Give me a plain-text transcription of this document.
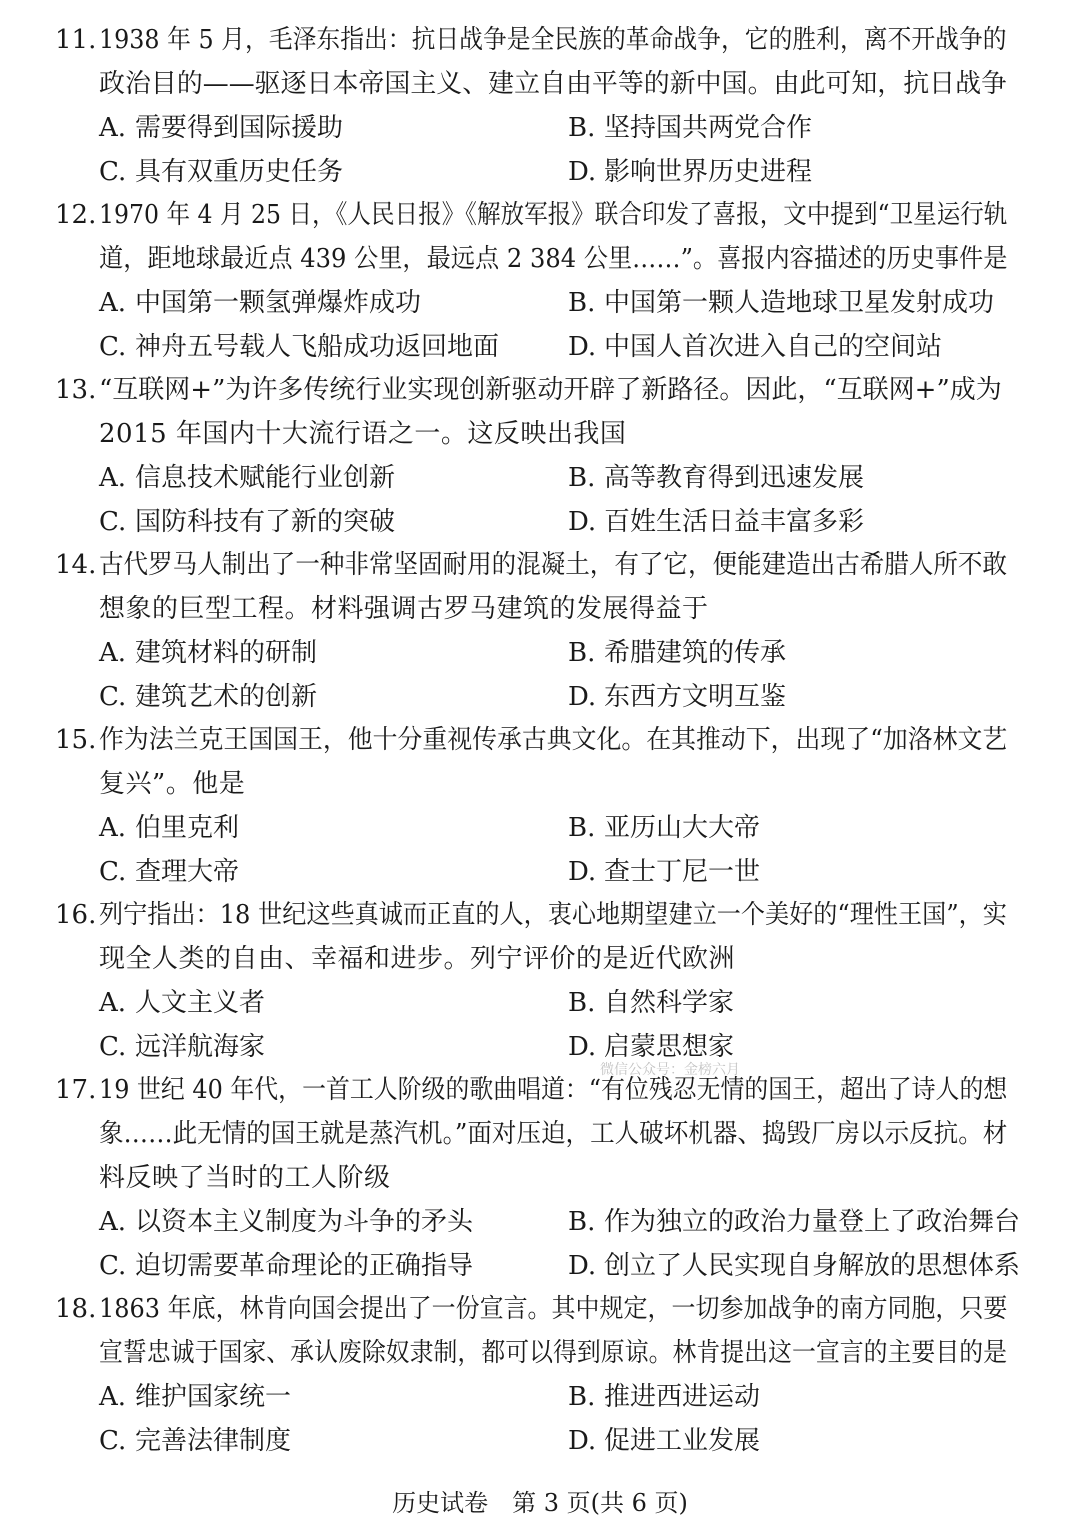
11. 1938 年 5 月，毛泽东指出：抗日战争是全民族的革命战争，它的胜利，离不开战争的
政治目的——驱逐日本帝国主义、建立自由平等的新中国。由此可知，抗日战争
A. 需要得到国际援助	B. 坚持国共两党合作
C. 具有双重历史任务	D. 影响世界历史进程
12. 1970 年 4 月 25 日，《人民日报》《解放军报》联合印发了喜报，文中提到“卫星运行轨
道，距地球最近点 439 公里，最远点 2 384 公里……”。喜报内容描述的历史事件是
A. 中国第一颗氢弹爆炸成功	B. 中国第一颗人造地球卫星发射成功
C. 神舟五号载人飞船成功返回地面	D. 中国人首次进入自己的空间站
13. “互联网+”为许多传统行业实现创新驱动开辟了新路径。因此，“互联网+”成为
2015 年国内十大流行语之一。这反映出我国
A. 信息技术赋能行业创新	B. 高等教育得到迅速发展
C. 国防科技有了新的突破	D. 百姓生活日益丰富多彩
14. 古代罗马人制出了一种非常坚固耐用的混凝土，有了它，便能建造出古希腊人所不敢
想象的巨型工程。材料强调古罗马建筑的发展得益于
A. 建筑材料的研制	B. 希腊建筑的传承
C. 建筑艺术的创新	D. 东西方文明互鉴
15. 作为法兰克王国国王，他十分重视传承古典文化。在其推动下，出现了“加洛林文艺
复兴”。他是
A. 伯里克利	B. 亚历山大大帝
C. 查理大帝	D. 查士丁尼一世
16. 列宁指出：18 世纪这些真诚而正直的人，衷心地期望建立一个美好的“理性王国”，实
现全人类的自由、幸福和进步。列宁评价的是近代欧洲
A. 人文主义者	B. 自然科学家
C. 远洋航海家	D. 启蒙思想家
17. 19 世纪 40 年代，一首工人阶级的歌曲唱道：“有位残忍无情的国王，超出了诗人的想
象……此无情的国王就是蒸汽机。”面对压迫，工人破坏机器、捣毁厂房以示反抗。材
料反映了当时的工人阶级
A. 以资本主义制度为斗争的矛头	B. 作为独立的政治力量登上了政治舞台
C. 迫切需要革命理论的正确指导	D. 创立了人民实现自身解放的思想体系
18. 1863 年底，林肯向国会提出了一份宣言。其中规定，一切参加战争的南方同胞，只要
宣誓忠诚于国家、承认废除奴隶制，都可以得到原谅。林肯提出这一宣言的主要目的是
A. 维护国家统一	B. 推进西进运动
C. 完善法律制度	D. 促进工业发展
微信公众号：金榜六月
历史试卷　第 3 页(共 6 页)
